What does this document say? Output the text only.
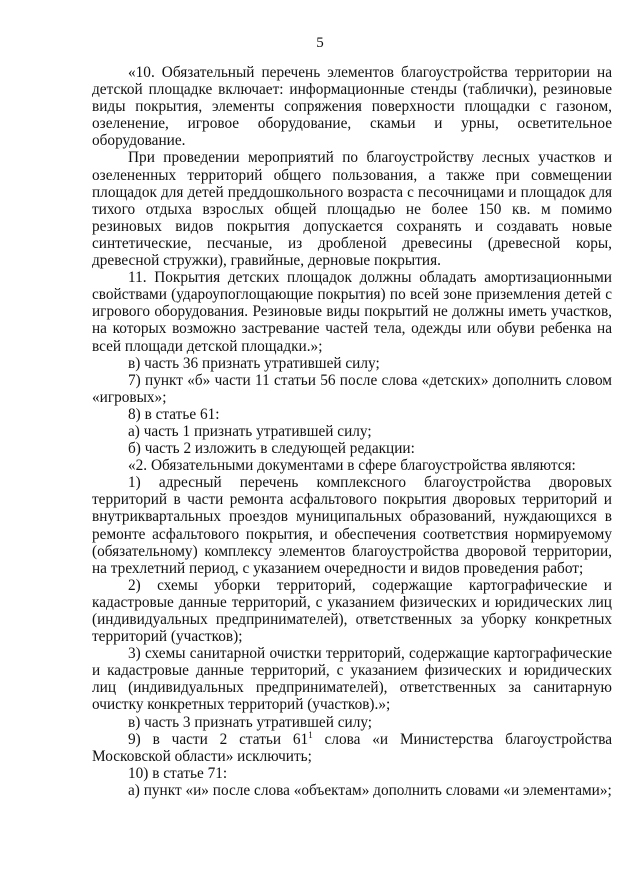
5

«10. Обязательный перечень элементов благоустройства территории на детской площадке включает: информационные стенды (таблички), резиновые виды покрытия, элементы сопряжения поверхности площадки с газоном, озеленение, игровое оборудование, скамьи и урны, осветительное оборудование.

При проведении мероприятий по благоустройству лесных участков и озелененных территорий общего пользования, а также при совмещении площадок для детей преддошкольного возраста с песочницами и площадок для тихого отдыха взрослых общей площадью не более 150 кв. м помимо резиновых видов покрытия допускается сохранять и создавать новые синтетические, песчаные, из дробленой древесины (древесной коры, древесной стружки), гравийные, дерновые покрытия.

11. Покрытия детских площадок должны обладать амортизационными свойствами (удароупоглощающие покрытия) по всей зоне приземления детей с игрового оборудования. Резиновые виды покрытий не должны иметь участков, на которых возможно застревание частей тела, одежды или обуви ребенка на всей площади детской площадки.»;

в) часть 36 признать утратившей силу;

7) пункт «б» части 11 статьи 56 после слова «детских» дополнить словом «игровых»;

8) в статье 61:

а) часть 1 признать утратившей силу;

б) часть 2 изложить в следующей редакции:

«2. Обязательными документами в сфере благоустройства являются:

1) адресный перечень комплексного благоустройства дворовых территорий в части ремонта асфальтового покрытия дворовых территорий и внутриквартальных проездов муниципальных образований, нуждающихся в ремонте асфальтового покрытия, и обеспечения соответствия нормируемому (обязательному) комплексу элементов благоустройства дворовой территории, на трехлетний период, с указанием очередности и видов проведения работ;

2) схемы уборки территорий, содержащие картографические и кадастровые данные территорий, с указанием физических и юридических лиц (индивидуальных предпринимателей), ответственных за уборку конкретных территорий (участков);

3) схемы санитарной очистки территорий, содержащие картографические и кадастровые данные территорий, с указанием физических и юридических лиц (индивидуальных предпринимателей), ответственных за санитарную очистку конкретных территорий (участков).»;

в) часть 3 признать утратившей силу;

9) в части 2 статьи $61^1$ слова «и Министерства благоустройства Московской области» исключить;

10) в статье 71:

а) пункт «и» после слова «объектам» дополнить словами «и элементами»;
